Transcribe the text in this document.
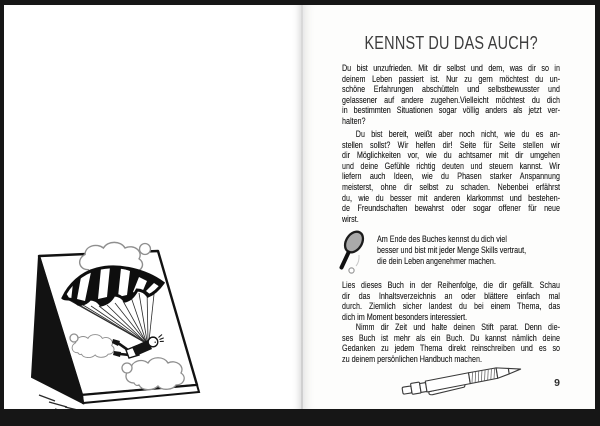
KENNST DU DAS AUCH?
Du bist unzufrieden. Mit dir selbst und dem, was dir so in
deinem Leben passiert ist. Nur zu gern möchtest du un-
schöne Erfahrungen abschütteln und selbstbewusster und
gelassener auf andere zugehen.Vielleicht möchtest du dich
in bestimmten Situationen sogar völlig anders als jetzt ver-
halten?
Du bist bereit, weißt aber noch nicht, wie du es an-
stellen sollst? Wir helfen dir! Seite für Seite stellen wir
dir Möglichkeiten vor, wie du achtsamer mit dir umgehen
und deine Gefühle richtig deuten und steuern kannst. Wir
liefern auch Ideen, wie du Phasen starker Anspannung
meisterst, ohne dir selbst zu schaden. Nebenbei erfährst
du, wie du besser mit anderen klarkommst und bestehen-
de Freundschaften bewahrst oder sogar offener für neue
wirst.
Am Ende des Buches kennst du dich viel
besser und bist mit jeder Menge Skills vertraut,
die dein Leben angenehmer machen.
Lies dieses Buch in der Reihenfolge, die dir gefällt. Schau
dir das Inhaltsverzeichnis an oder blättere einfach mal
durch. Ziemlich sicher landest du bei einem Thema, das
dich im Moment besonders interessiert.
Nimm dir Zeit und halte deinen Stift parat. Denn die-
ses Buch ist mehr als ein Buch. Du kannst nämlich deine
Gedanken zu jedem Thema direkt reinschreiben und es so
zu deinem persönlichen Handbuch machen.
9
